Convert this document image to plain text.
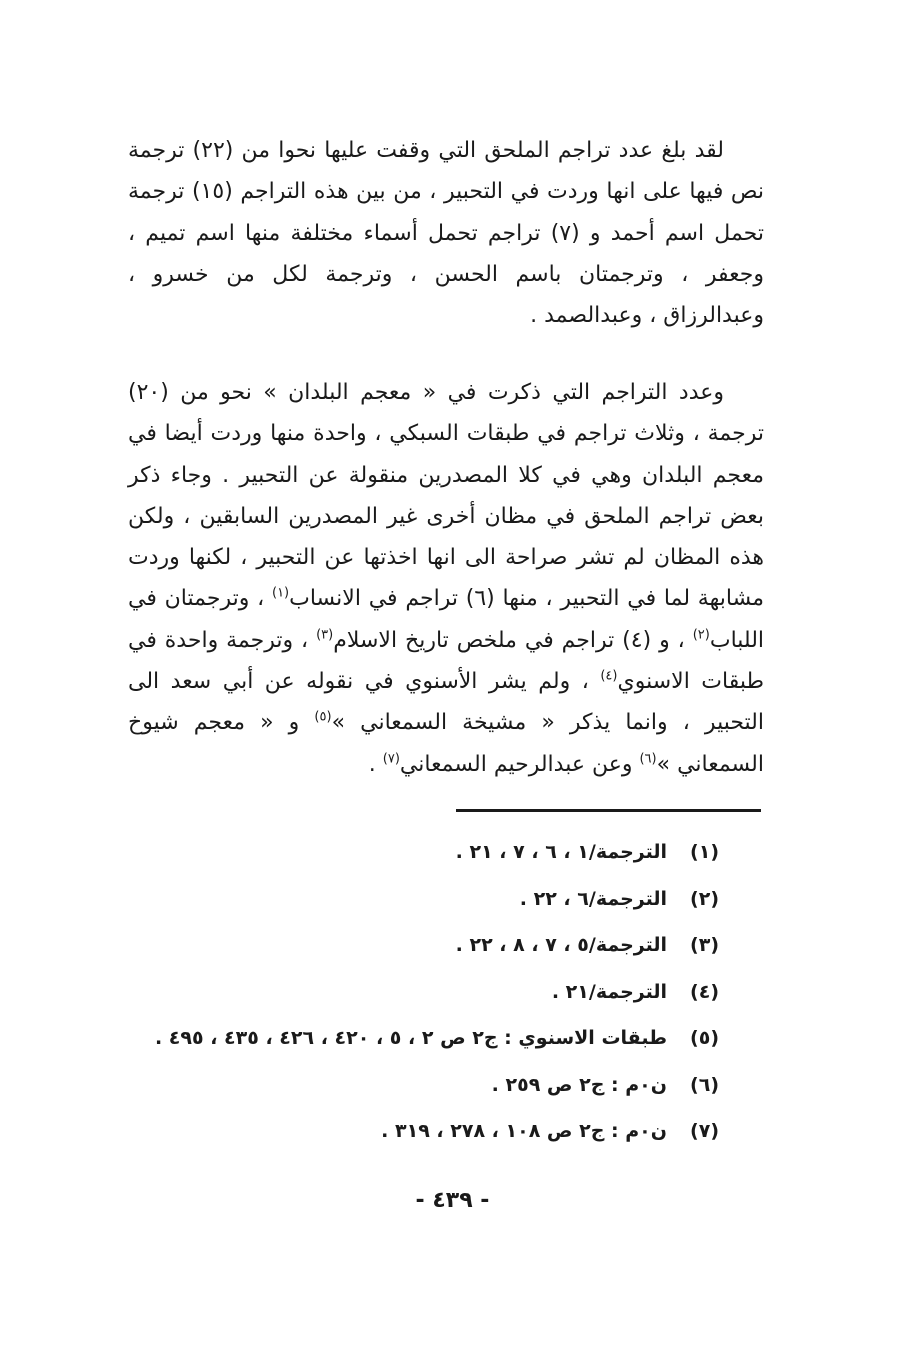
لقد بلغ عدد تراجم الملحق التي وقفت عليها نحوا من (٢٢) ترجمة نص فيها على انها وردت في التحبير ، من بين هذه التراجم (١٥) ترجمة تحمل اسم أحمد و (٧) تراجم تحمل أسماء مختلفة منها اسم تميم ، وجعفر ، وترجمتان باسم الحسن ، وترجمة لكل من خسرو ، وعبدالرزاق ، وعبدالصمد .

وعدد التراجم التي ذكرت في « معجم البلدان » نحو من (٢٠) ترجمة ، وثلاث تراجم في طبقات السبكي ، واحدة منها وردت أيضا في معجم البلدان وهي في كلا المصدرين منقولة عن التحبير . وجاء ذكر بعض تراجم الملحق في مظان أخرى غير المصدرين السابقين ، ولكن هذه المظان لم تشر صراحة الى انها اخذتها عن التحبير ، لكنها وردت مشابهة لما في التحبير ، منها (٦) تراجم في الانساب$^{(١)}$ ، وترجمتان في اللباب$^{(٢)}$ ، و (٤) تراجم في ملخص تاريخ الاسلام$^{(٣)}$ ، وترجمة واحدة في طبقات الاسنوي$^{(٤)}$ ، ولم يشر الأسنوي في نقوله عن أبي سعد الى التحبير ، وانما يذكر « مشيخة السمعاني »$^{(٥)}$ و « معجم شيوخ السمعاني »$^{(٦)}$ وعن عبدالرحيم السمعاني$^{(٧)}$ .

(١)
الترجمة/١ ، ٦ ، ٧ ، ٢١ .
(٢)
الترجمة/٦ ، ٢٢ .
(٣)
الترجمة/٥ ، ٧ ، ٨ ، ٢٢ .
(٤)
الترجمة/٢١ .
(٥)
طبقات الاسنوي : ج٢ ص ٢ ، ٥ ، ٤٢٠ ، ٤٢٦ ، ٤٣٥ ، ٤٩٥ .
(٦)
ن٠م : ج٢ ص ٢٥٩ .
(٧)
ن٠م : ج٢ ص ١٠٨ ، ٢٧٨ ، ٣١٩ .
- ٤٣٩ -
